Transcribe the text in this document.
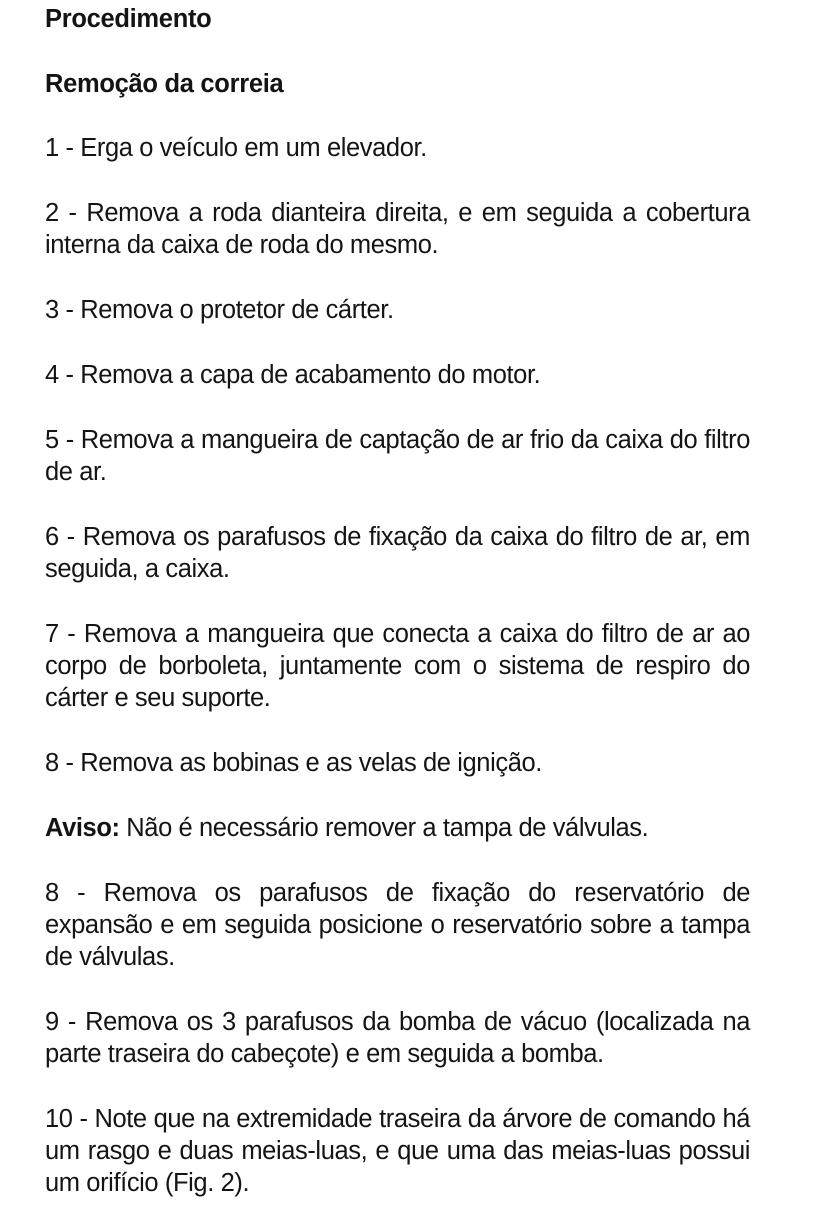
Procedimento
Remoção da correia

1 - Erga o veículo em um elevador.

2 - Remova a roda dianteira direita, e em seguida a cobertura interna da caixa de roda do mesmo.

3 - Remova o protetor de cárter.

4 - Remova a capa de acabamento do motor.

5 - Remova a mangueira de captação de ar frio da caixa do filtro de ar.

6 - Remova os parafusos de fixação da caixa do filtro de ar, em seguida, a caixa.

7 - Remova a mangueira que conecta a caixa do filtro de ar ao corpo de borboleta, juntamente com o sistema de respiro do cárter e seu suporte.

8 - Remova as bobinas e as velas de ignição.

Aviso: Não é necessário remover a tampa de válvulas.

8 - Remova os parafusos de fixação do reservatório de expansão e em seguida posicione o reservatório sobre a tampa de válvulas.

9 - Remova os 3 parafusos da bomba de vácuo (localizada na parte traseira do cabeçote) e em seguida a bomba.

10 - Note que na extremidade traseira da árvore de comando há um rasgo e duas meias-luas, e que uma das meias-luas possui um orifício (Fig. 2).
